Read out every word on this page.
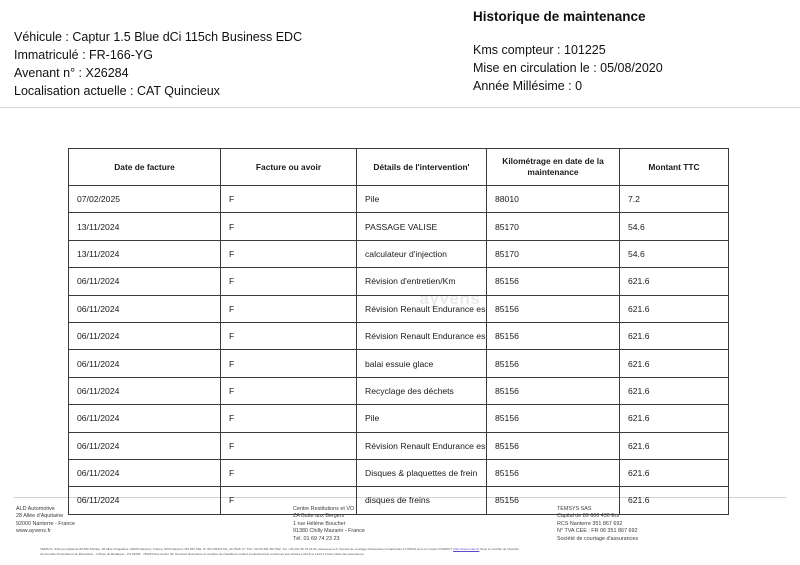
Véhicule : Captur 1.5 Blue dCi 115ch Business EDC
Immatriculé : FR-166-YG
Avenant n° : X26284
Localisation actuelle : CAT Quincieux
Historique de maintenance
Kms compteur : 101225
Mise en circulation le : 05/08/2020
Année Millésime : 0
ayvens
Date de facture	Facture ou avoir	Détails de l'intervention'	Kilométrage en date de la maintenance	Montant TTC
07/02/2025	F	Pile	88010	7.2
13/11/2024	F	PASSAGE VALISE	85170	54.6
13/11/2024	F	calculateur d'injection	85170	54.6
06/11/2024	F	Révision d'entretien/Km	85156	621.6
06/11/2024	F	Révision Renault Endurance es	85156	621.6
06/11/2024	F	Révision Renault Endurance es	85156	621.6
06/11/2024	F	balai essuie glace	85156	621.6
06/11/2024	F	Recyclage des déchets	85156	621.6
06/11/2024	F	Pile	85156	621.6
06/11/2024	F	Révision Renault Endurance es	85156	621.6
06/11/2024	F	Disques & plaquettes de frein	85156	621.6
06/11/2024	F	disques de freins	85156	621.6
ALD Automotive
28 Allée d'Aquitaine
92000 Nanterre - France
www.ayvens.fr
Centre Restitutions et VO
ZA Butte aux Bergers
1 rue Hélène Boucher
91380 Chilly Mazarin - France
Tél. 01 69 74 23 23
TEMSYS SAS
Capital de 89 606 430 Eur
RCS Nanterre 351 867 692
N° TVA CEE : FR 06 351 867 692
Société de courtage d'assurances
TEMSYS, SAS au capital de 89 606 430 Eur, 28 Allée d'Aquitaine, 92000 Nanterre, France, RCS Nanterre 351 867 692, N° IDU FR231721_01Y5G8, N° TVA : FR 06 351 867 692, Tél. +33 (0)1 56 76 18 00, www.ayvens.fr, Société de courtage d'assurance immatriculée à l'ORIAS sous le numéro 07026677 (http://www.orias.fr) Sous le contrôle de l'Autorité
de Contrôle Prudentiel et de Résolution - 4 Place de Budapest - CS 92459 - 75436 Paris Cedex 09. Données financières et sociétés de chauffeurs routiers professionnels conformes aux articles L413-8 et L213-1 Code Cadre des assurances
